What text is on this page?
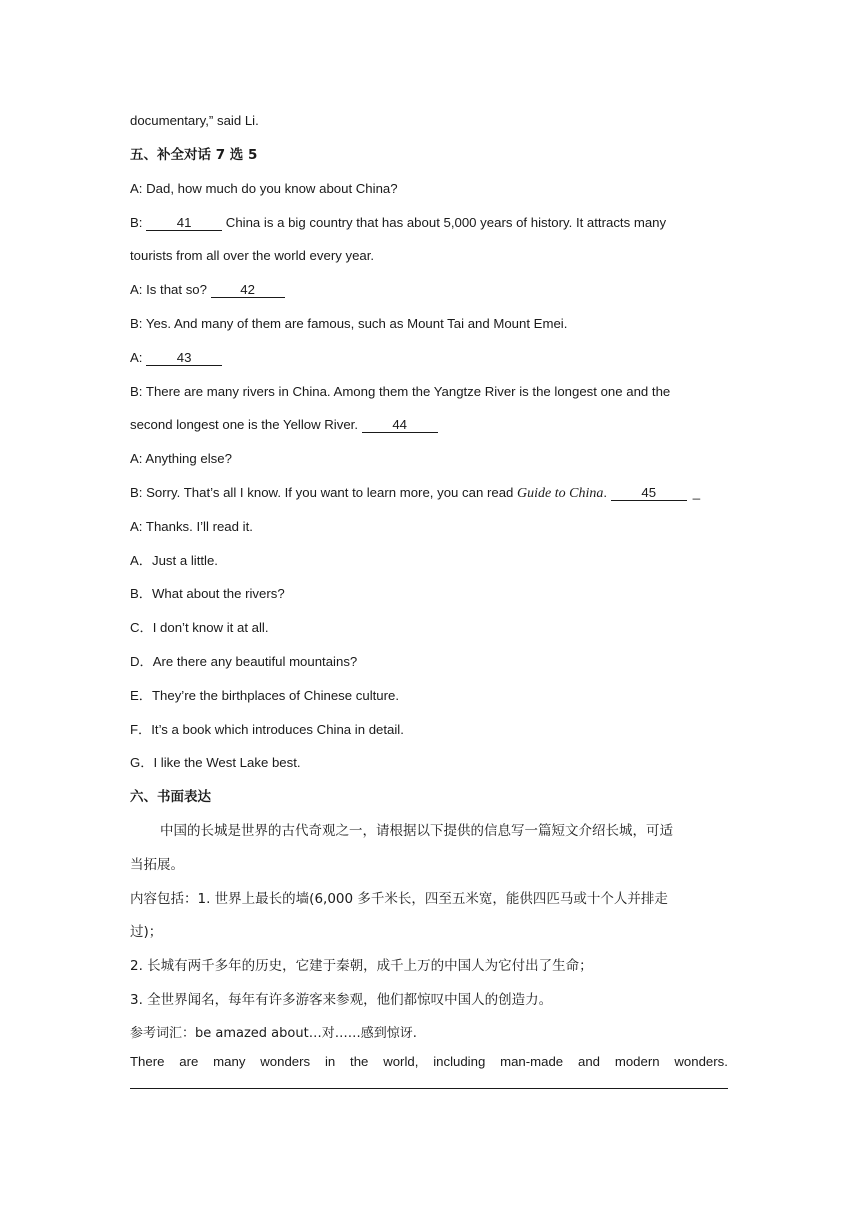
documentary,” said Li.
五、补全对话 7 选 5
A: Dad, how much do you know about China?
B: 41 China is a big country that has about 5,000 years of history. It attracts many
tourists from all over the world every year.
A: Is that so? 42
B: Yes. And many of them are famous, such as Mount Tai and Mount Emei.
A: 43
B: There are many rivers in China. Among them the Yangtze River is the longest one and the
second longest one is the Yellow River. 44
A: Anything else?
B: Sorry. That’s all I know. If you want to learn more, you can read Guide to China. 45	_
A: Thanks. I’ll read it.
A．Just a little.
B．What about the rivers?
C．I don’t know it at all.
D．Are there any beautiful mountains?
E．They’re the birthplaces of Chinese culture.
F．It’s a book which introduces China in detail.
G．I like the West Lake best.
六、书面表达
中国的长城是世界的古代奇观之一，请根据以下提供的信息写一篇短文介绍长城，可适
当拓展。
内容包括：1. 世界上最长的墙(6,000 多千米长，四至五米宽，能供四匹马或十个人并排走
过)；
2. 长城有两千多年的历史，它建于秦朝，成千上万的中国人为它付出了生命；
3. 全世界闻名，每年有许多游客来参观，他们都惊叹中国人的创造力。
参考词汇：be amazed about…对……感到惊讶.
There are many wonders in the world, including man-made and modern wonders.
